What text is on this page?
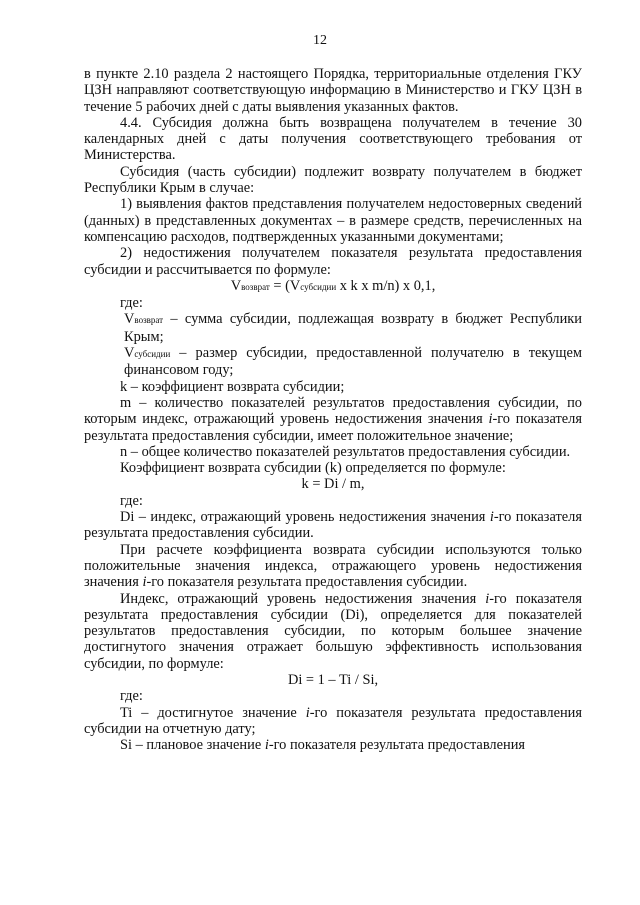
12

в пункте 2.10 раздела 2 настоящего Порядка, территориальные отделения ГКУ ЦЗН направляют соответствующую информацию в Министерство и ГКУ ЦЗН в течение 5 рабочих дней с даты выявления указанных фактов.

4.4. Субсидия должна быть возвращена получателем в течение 30 календарных дней с даты получения соответствующего требования от Министерства.

Субсидия (часть субсидии) подлежит возврату получателем в бюджет Республики Крым в случае:

1) выявления фактов представления получателем недостоверных сведений (данных) в представленных документах – в размере средств, перечисленных на компенсацию расходов, подтвержденных указанными документами;

2) недостижения получателем показателя результата предоставления субсидии и рассчитывается по формуле:

Vвозврат = (Vсубсидии x k x m/n) x 0,1,

где:

Vвозврат – сумма субсидии, подлежащая возврату в бюджет Республики Крым;

Vсубсидии – размер субсидии, предоставленной получателю в текущем финансовом году;

k – коэффициент возврата субсидии;

m – количество показателей результатов предоставления субсидии, по которым индекс, отражающий уровень недостижения значения i-го показателя результата предоставления субсидии, имеет положительное значение;

n – общее количество показателей результатов предоставления субсидии.

Коэффициент возврата субсидии (k) определяется по формуле:

k = Di / m,

где:

Di – индекс, отражающий уровень недостижения значения i-го показателя результата предоставления субсидии.

При расчете коэффициента возврата субсидии используются только положительные значения индекса, отражающего уровень недостижения значения i-го показателя результата предоставления субсидии.

Индекс, отражающий уровень недостижения значения i-го показателя результата предоставления субсидии (Di), определяется для показателей результатов предоставления субсидии, по которым большее значение достигнутого значения отражает большую эффективность использования субсидии, по формуле:

Di = 1 – Ti / Si,

где:

Ti – достигнутое значение i-го показателя результата предоставления субсидии на отчетную дату;

Si – плановое значение i-го показателя результата предоставления
